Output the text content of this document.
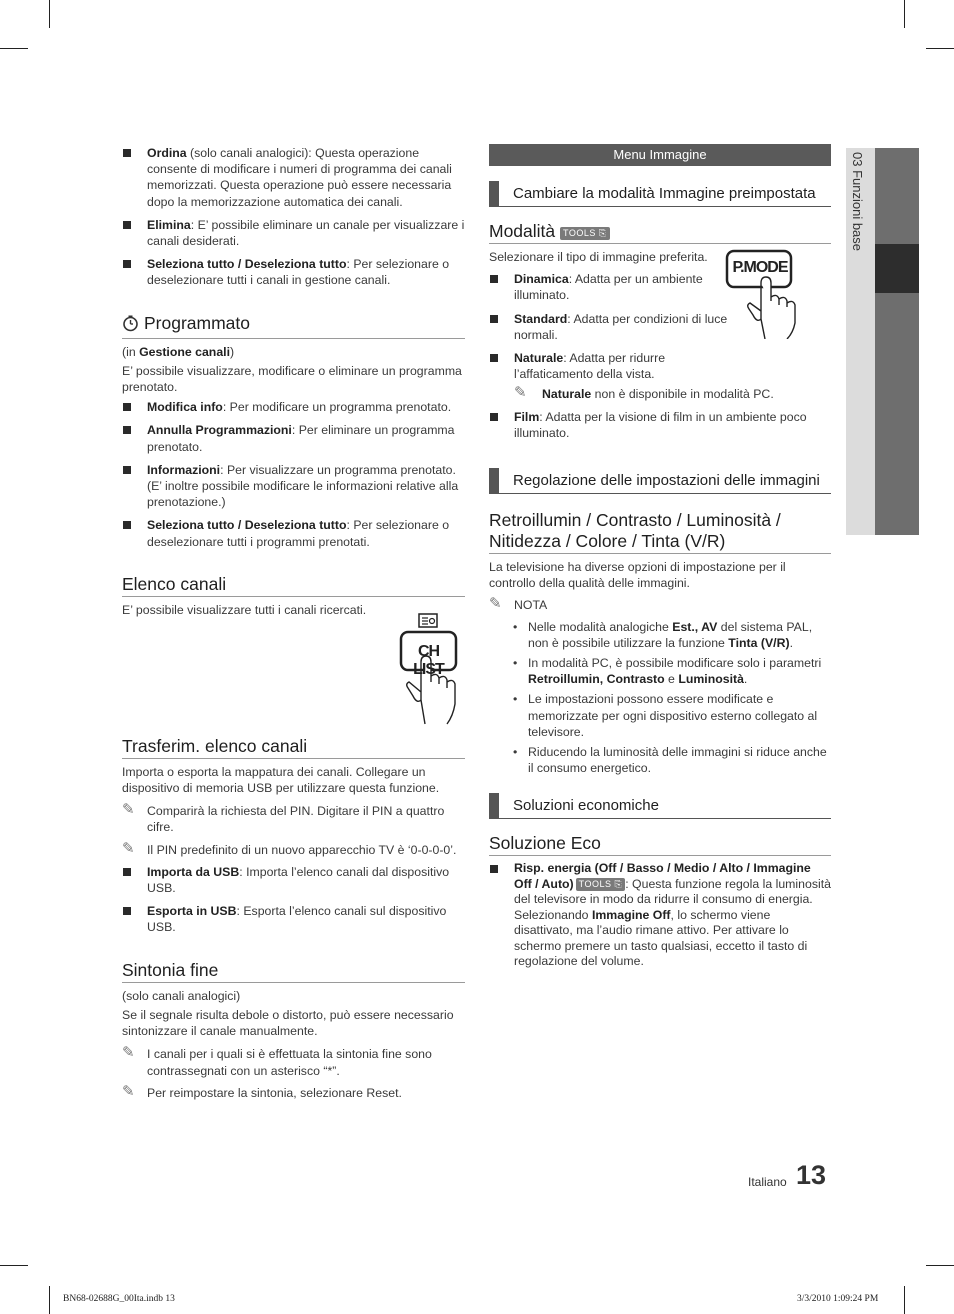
03 Funzioni base
Ordina (solo canali analogici): Questa operazione consente di modificare i numeri di programma dei canali memorizzati. Questa operazione può essere necessaria dopo la memorizzazione automatica dei canali.
Elimina: E’ possibile eliminare un canale per visualizzare i canali desiderati.
Seleziona tutto / Deseleziona tutto: Per selezionare o deselezionare tutti i canali in gestione canali.
Programmato

(in Gestione canali)

E’ possibile visualizzare, modificare o eliminare un programma prenotato.

Modifica info: Per modificare un programma prenotato.
Annulla Programmazioni: Per eliminare un programma prenotato.
Informazioni: Per visualizzare un programma prenotato. (E’ inoltre possibile modificare le informazioni relative alla prenotazione.)
Seleziona tutto / Deseleziona tutto: Per selezionare o deselezionare tutti i programmi prenotati.
Elenco canali

E’ possibile visualizzare tutti i canali ricercati.

CH LIST
Trasferim. elenco canali

Importa o esporta la mappatura dei canali. Collegare un dispositivo di memoria USB per utilizzare questa funzione.

✎ Comparirà la richiesta del PIN. Digitare il PIN a quattro cifre.
✎ Il PIN predefinito di un nuovo apparecchio TV è ‘0-0-0-0’.
Importa da USB: Importa l’elenco canali dal dispositivo USB.
Esporta in USB: Esporta l’elenco canali sul dispositivo USB.
Sintonia fine

(solo canali analogici)

Se il segnale risulta debole o distorto, può essere necessario sintonizzare il canale manualmente.

✎ I canali per i quali si è effettuata la sintonia fine sono contrassegnati con un asterisco “*”.
✎ Per reimpostare la sintonia, selezionare Reset.
Menu Immagine
Cambiare la modalità Immagine preimpostata
Modalità TOOLS ⎘
P.MODE

Selezionare il tipo di immagine preferita.

Dinamica: Adatta per un ambiente illuminato.
Standard: Adatta per condizioni di luce normali.
Naturale: Adatta per ridurre l’affaticamento della vista.
✎ Naturale non è disponibile in modalità PC.
Film: Adatta per la visione di film in un ambiente poco illuminato.
Regolazione delle impostazioni delle immagini
Retroillumin / Contrasto / Luminosità / Nitidezza / Colore / Tinta (V/R)

La televisione ha diverse opzioni di impostazione per il controllo della qualità delle immagini.

✎ NOTA
• Nelle modalità analogiche Est., AV del sistema PAL, non è possibile utilizzare la funzione Tinta (V/R).
• In modalità PC, è possibile modificare solo i parametri Retroillumin, Contrasto e Luminosità.
• Le impostazioni possono essere modificate e memorizzate per ogni dispositivo esterno collegato al televisore.
• Riducendo la luminosità delle immagini si riduce anche il consumo energetico.
Soluzioni economiche
Soluzione Eco
Risp. energia (Off / Basso / Medio / Alto / Immagine Off / Auto) TOOLS ⎘ : Questa funzione regola la luminosità del televisore in modo da ridurre il consumo di energia. Selezionando Immagine Off, lo schermo viene disattivato, ma l’audio rimane attivo. Per attivare lo schermo premere un tasto qualsiasi, eccetto il tasto di regolazione del volume.
Italiano 13
BN68-02688G_00Ita.indb 13	3/3/2010 1:09:24 PM
